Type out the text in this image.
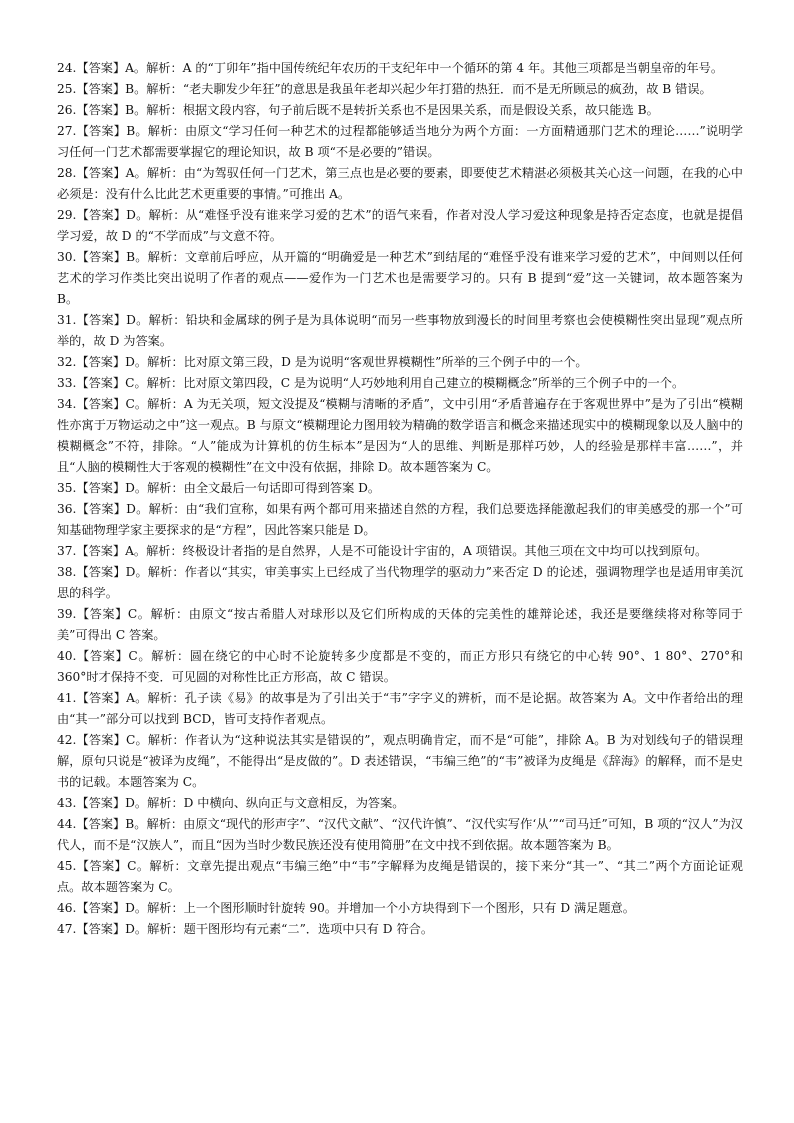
24.【答案】A。解析：A 的“丁卯年”指中国传统纪年农历的干支纪年中一个循环的第 4 年。其他三项都是当朝皇帝的年号。

25.【答案】B。解析：“老夫聊发少年狂”的意思是我虽年老却兴起少年打猎的热狂．而不是无所顾忌的疯劲，故 B 错误。

26.【答案】B。解析：根据文段内容，句子前后既不是转折关系也不是因果关系，而是假设关系，故只能选 B。

27.【答案】B。解析：由原文“学习任何一种艺术的过程都能够适当地分为两个方面：一方面精通那门艺术的理论……”说明学习任何一门艺术都需要掌握它的理论知识，故 B 项“不是必要的”错误。

28.【答案】A。解析：由“为驾驭任何一门艺术，第三点也是必要的要素，即要使艺术精湛必须极其关心这一问题，在我的心中必须是：没有什么比此艺术更重要的事情。”可推出 A。

29.【答案】D。解析：从“难怪乎没有谁来学习爱的艺术”的语气来看，作者对没人学习爱这种现象是持否定态度，也就是提倡学习爱，故 D 的“不学而成”与文意不符。

30.【答案】B。解析：文章前后呼应，从开篇的“明确爱是一种艺术”到结尾的“难怪乎没有谁来学习爱的艺术”，中间则以任何艺术的学习作类比突出说明了作者的观点——爱作为一门艺术也是需要学习的。只有 B 提到“爱”这一关键词，故本题答案为 B。

31.【答案】D。解析：铅块和金属球的例子是为具体说明“而另一些事物放到漫长的时间里考察也会使模糊性突出显现”观点所举的，故 D 为答案。

32.【答案】D。解析：比对原文第三段，D 是为说明“客观世界模糊性”所举的三个例子中的一个。

33.【答案】C。解析：比对原文第四段，C 是为说明“人巧妙地利用自己建立的模糊概念”所举的三个例子中的一个。

34.【答案】C。解析：A 为无关项，短文没提及“模糊与清晰的矛盾”，文中引用“矛盾普遍存在于客观世界中”是为了引出“模糊性亦寓于万物运动之中”这一观点。B 与原文“模糊理论力图用较为精确的数学语言和概念来描述现实中的模糊现象以及人脑中的模糊概念”不符，排除。“人”能成为计算机的仿生标本”是因为“人的思维、判断是那样巧妙，人的经验是那样丰富……”，并且“人脑的模糊性大于客观的模糊性”在文中没有依据，排除 D。故本题答案为 C。

35.【答案】D。解析：由全文最后一句话即可得到答案 D。

36.【答案】D。解析：由“我们宣称，如果有两个都可用来描述自然的方程，我们总要选择能激起我们的审美感受的那一个”可知基础物理学家主要探求的是“方程”，因此答案只能是 D。

37.【答案】A。解析：终极设计者指的是自然界，人是不可能设计宇宙的，A 项错误。其他三项在文中均可以找到原句。

38.【答案】D。解析：作者以“其实，审美事实上已经成了当代物理学的驱动力”来否定 D 的论述，强调物理学也是适用审美沉思的科学。

39.【答案】C。解析：由原文“按古希腊人对球形以及它们所构成的天体的完美性的雄辩论述，我还是要继续将对称等同于美”可得出 C 答案。

40.【答案】C。解析：圆在绕它的中心时不论旋转多少度都是不变的，而正方形只有绕它的中心转 90°、1 80°、270°和 360°时才保持不变．可见圆的对称性比正方形高，故 C 错误。

41.【答案】A。解析：孔子读《易》的故事是为了引出关于“韦”字字义的辨析，而不是论据。故答案为 A。文中作者给出的理由“其一”部分可以找到 BCD，皆可支持作者观点。

42.【答案】C。解析：作者认为“这种说法其实是错误的”，观点明确肯定，而不是“可能”，排除 A。B 为对划线句子的错误理解，原句只说是“被译为皮绳”，不能得出“是皮做的”。D 表述错误，“韦编三绝”的“韦”被译为皮绳是《辞海》的解释，而不是史书的记载。本题答案为 C。

43.【答案】D。解析：D 中横向、纵向正与文意相反，为答案。

44.【答案】B。解析：由原文“现代的形声字”、“汉代文献”、“汉代许慎”、“汉代实写作‘从’”“司马迁”可知，B 项的“汉人”为汉代人，而不是“汉族人”，而且“因为当时少数民族还没有使用简册”在文中找不到依据。故本题答案为 B。

45.【答案】C。解析：文章先提出观点“韦编三绝”中“韦”字解释为皮绳是错误的，接下来分“其一”、“其二”两个方面论证观点。故本题答案为 C。

46.【答案】D。解析：上一个图形顺时针旋转 90。并增加一个小方块得到下一个图形，只有 D 满足题意。

47.【答案】D。解析：题干图形均有元素“二”．选项中只有 D 符合。
